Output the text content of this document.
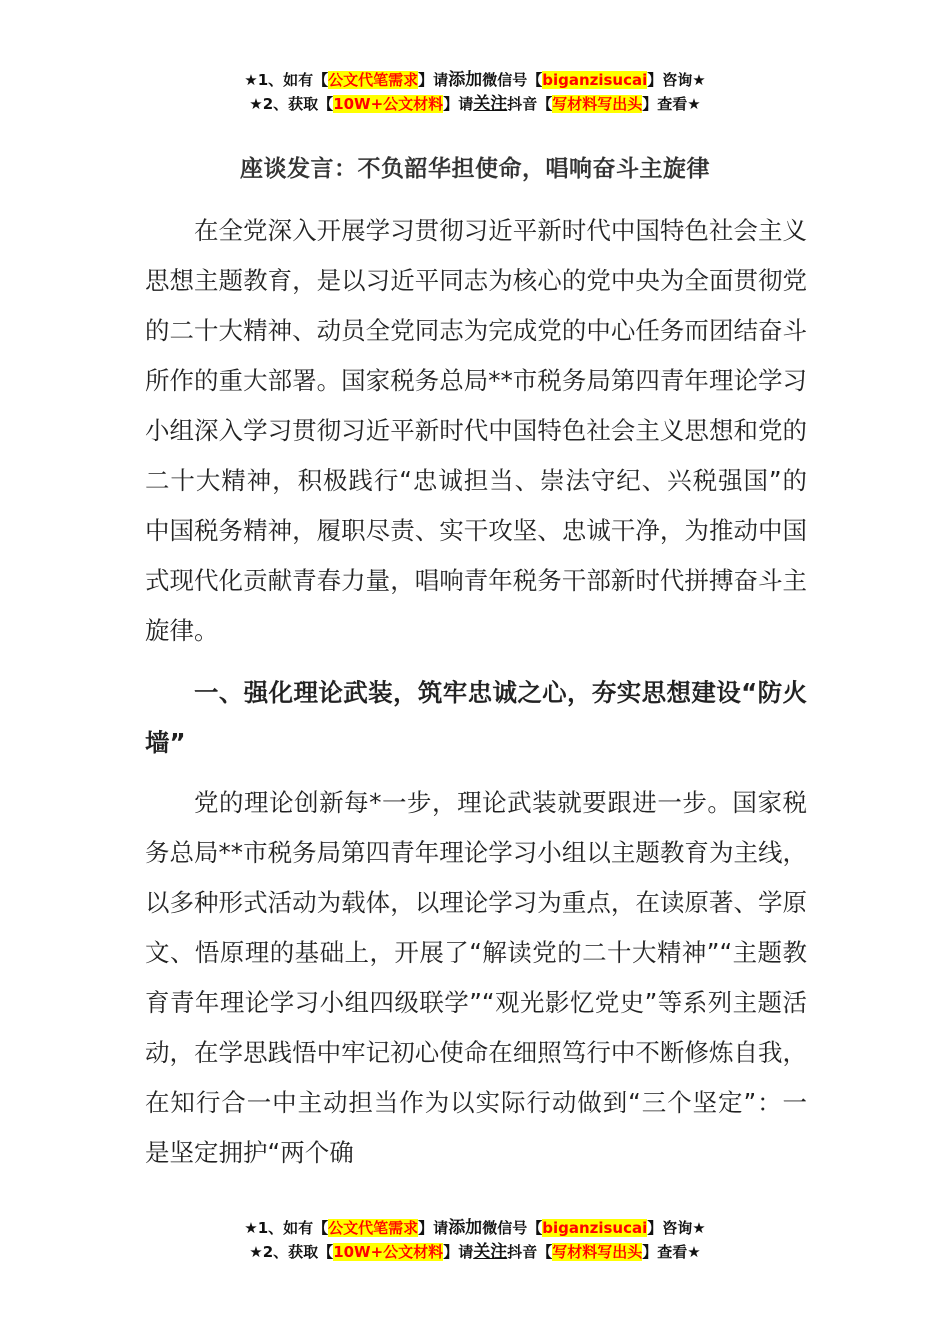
★1、如有【公文代笔需求】请添加微信号【biganzisucai】咨询★
★2、获取【10W+公文材料】请关注抖音【写材料写出头】查看★
座谈发言：不负韶华担使命，唱响奋斗主旋律

在全党深入开展学习贯彻习近平新时代中国特色社会主义思想主题教育，是以习近平同志为核心的党中央为全面贯彻党的二十大精神、动员全党同志为完成党的中心任务而团结奋斗所作的重大部署。国家税务总局**市税务局第四青年理论学习小组深入学习贯彻习近平新时代中国特色社会主义思想和党的二十大精神，积极践行“忠诚担当、崇法守纪、兴税强国”的中国税务精神，履职尽责、实干攻坚、忠诚干净，为推动中国式现代化贡献青春力量，唱响青年税务干部新时代拼搏奋斗主旋律。

一、强化理论武装，筑牢忠诚之心，夯实思想建设“防火墙”

党的理论创新每*一步，理论武装就要跟进一步。国家税务总局**市税务局第四青年理论学习小组以主题教育为主线，以多种形式活动为载体，以理论学习为重点，在读原著、学原文、悟原理的基础上，开展了“解读党的二十大精神”“主题教育青年理论学习小组四级联学”“观光影忆党史”等系列主题活动，在学思践悟中牢记初心使命在细照笃行中不断修炼自我，在知行合一中主动担当作为以实际行动做到“三个坚定”：一是坚定拥护“两个确

★1、如有【公文代笔需求】请添加微信号【biganzisucai】咨询★
★2、获取【10W+公文材料】请关注抖音【写材料写出头】查看★
